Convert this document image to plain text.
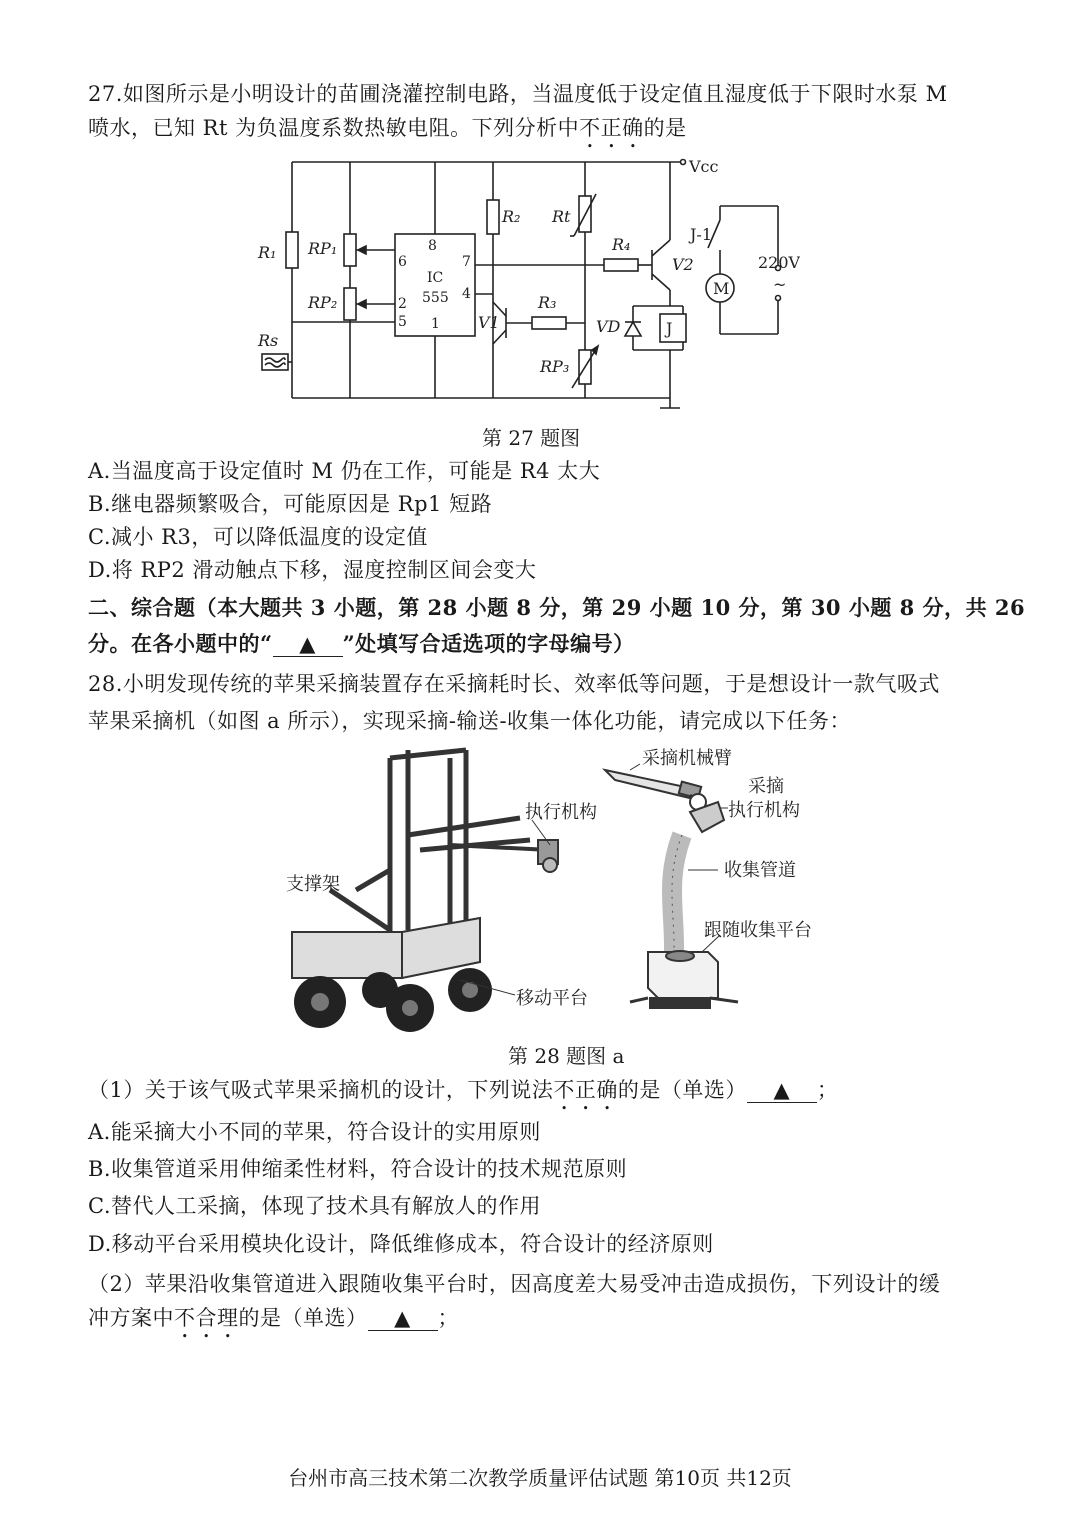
27.如图所示是小明设计的苗圃浇灌控制电路，当温度低于设定值且湿度低于下限时水泵 M
喷水，已知 Rt 为负温度系数热敏电阻。下列分析中不正确的是
Vcc
R₁ RP₁
RP₂
Rs
R₂ Rt
R₄
R₃
V1
V2
VD
RP₃
J-1
220V
~
M
J
IC
555
8
6	7
4
2
5 1
第 27 题图
A.当温度高于设定值时 M 仍在工作，可能是 R4 太大
B.继电器频繁吸合，可能原因是 Rp1 短路
C.减小 R3，可以降低温度的设定值
D.将 RP2 滑动触点下移，湿度控制区间会变大
二、综合题（本大题共 3 小题，第 28 小题 8 分，第 29 小题 10 分，第 30 小题 8 分，共 26
分。在各小题中的“ ▲ ”处填写合适选项的字母编号）
28.小明发现传统的苹果采摘装置存在采摘耗时长、效率低等问题，于是想设计一款气吸式
苹果采摘机（如图 a 所示），实现采摘-输送-收集一体化功能，请完成以下任务：
执行机构
支撑架
移动平台
采摘机械臂
采摘
执行机构
收集管道
跟随收集平台
第 28 题图 a
（1）关于该气吸式苹果采摘机的设计，下列说法不正确的是（单选） ▲ ；
A.能采摘大小不同的苹果，符合设计的实用原则
B.收集管道采用伸缩柔性材料，符合设计的技术规范原则
C.替代人工采摘，体现了技术具有解放人的作用
D.移动平台采用模块化设计，降低维修成本，符合设计的经济原则
（2）苹果沿收集管道进入跟随收集平台时，因高度差大易受冲击造成损伤，下列设计的缓
冲方案中不合理的是（单选） ▲ ；
台州市高三技术第二次教学质量评估试题 第10页 共12页
